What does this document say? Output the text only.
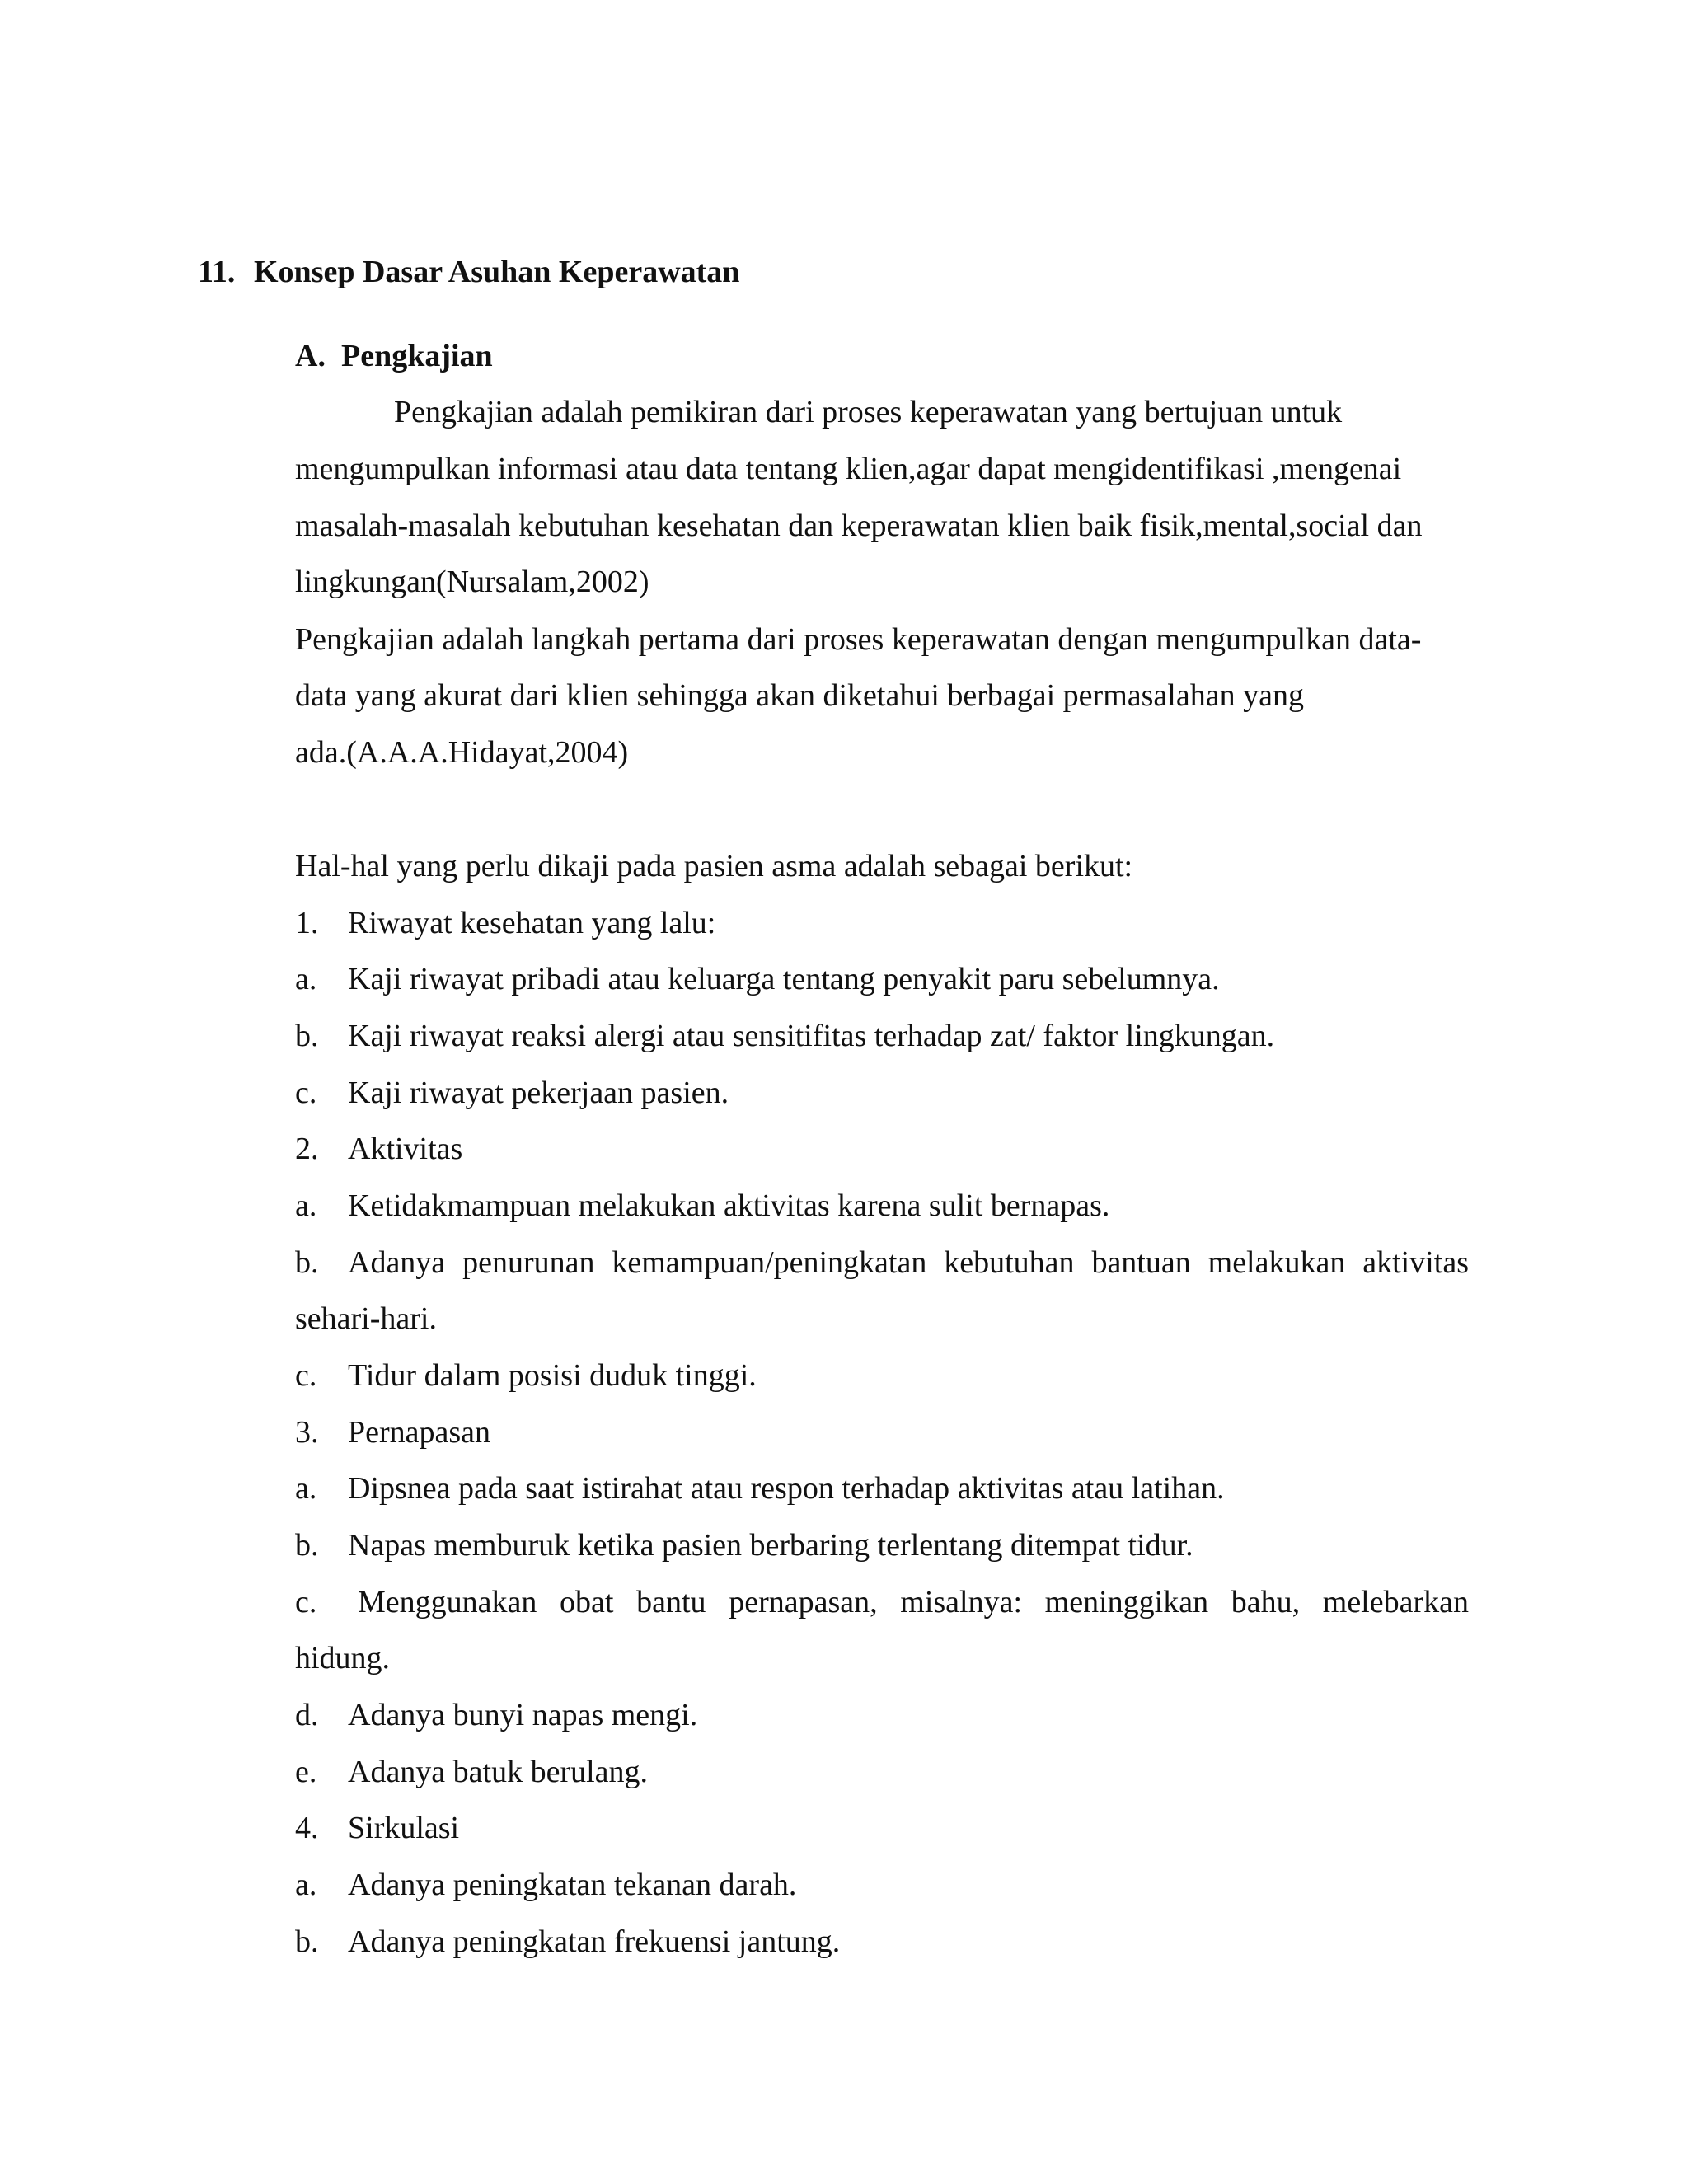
11. Konsep Dasar Asuhan Keperawatan
A. Pengkajian
Pengkajian adalah pemikiran dari proses keperawatan yang bertujuan untuk
mengumpulkan informasi atau data tentang klien,agar dapat mengidentifikasi ,mengenai
masalah-masalah kebutuhan kesehatan dan keperawatan klien baik fisik,mental,social dan
lingkungan(Nursalam,2002)
Pengkajian adalah langkah pertama dari proses keperawatan dengan mengumpulkan data-
data yang akurat dari klien sehingga akan diketahui berbagai permasalahan yang
ada.(A.A.A.Hidayat,2004)
Hal-hal yang perlu dikaji pada pasien asma adalah sebagai berikut:
1. Riwayat kesehatan yang lalu:
a. Kaji riwayat pribadi atau keluarga tentang penyakit paru sebelumnya.
b. Kaji riwayat reaksi alergi atau sensitifitas terhadap zat/ faktor lingkungan.
c. Kaji riwayat pekerjaan pasien.
2. Aktivitas
a. Ketidakmampuan melakukan aktivitas karena sulit bernapas.
b. Adanya penurunan kemampuan/peningkatan kebutuhan bantuan melakukan aktivitas
sehari-hari.
c. Tidur dalam posisi duduk tinggi.
3. Pernapasan
a. Dipsnea pada saat istirahat atau respon terhadap aktivitas atau latihan.
b. Napas memburuk ketika pasien berbaring terlentang ditempat tidur.
c. Menggunakan obat bantu pernapasan, misalnya: meninggikan bahu, melebarkan
hidung.
d. Adanya bunyi napas mengi.
e. Adanya batuk berulang.
4. Sirkulasi
a. Adanya peningkatan tekanan darah.
b. Adanya peningkatan frekuensi jantung.
